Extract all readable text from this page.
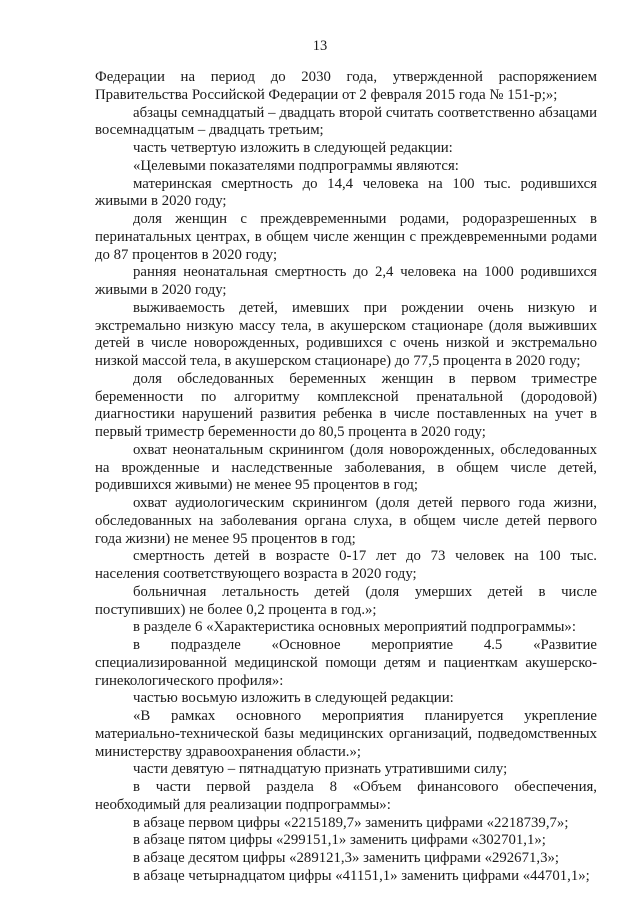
13

Федерации на период до 2030 года, утвержденной распоряжением Правительства Российской Федерации от 2 февраля 2015 года № 151-р;»;

абзацы семнадцатый – двадцать второй считать соответственно абзацами восемнадцатым – двадцать третьим;

часть четвертую изложить в следующей редакции:

«Целевыми показателями подпрограммы являются:

материнская смертность до 14,4 человека на 100 тыс. родившихся живыми в 2020 году;

доля женщин с преждевременными родами, родоразрешенных в перинатальных центрах, в общем числе женщин с преждевременными родами до 87 процентов в 2020 году;

ранняя неонатальная смертность до 2,4 человека на 1000 родившихся живыми в 2020 году;

выживаемость детей, имевших при рождении очень низкую и экстремально низкую массу тела, в акушерском стационаре (доля выживших детей в числе новорожденных, родившихся с очень низкой и экстремально низкой массой тела, в акушерском стационаре) до 77,5 процента в 2020 году;

доля обследованных беременных женщин в первом триместре беременности по алгоритму комплексной пренатальной (дородовой) диагностики нарушений развития ребенка в числе поставленных на учет в первый триместр беременности до 80,5 процента в 2020 году;

охват неонатальным скринингом (доля новорожденных, обследованных на врожденные и наследственные заболевания, в общем числе детей, родившихся живыми) не менее 95 процентов в год;

охват аудиологическим скринингом (доля детей первого года жизни, обследованных на заболевания органа слуха, в общем числе детей первого года жизни) не менее 95 процентов в год;

смертность детей в возрасте 0-17 лет до 73 человек на 100 тыс. населения соответствующего возраста в 2020 году;

больничная летальность детей (доля умерших детей в числе поступивших) не более 0,2 процента в год.»;

в разделе 6 «Характеристика основных мероприятий подпрограммы»:

в подразделе «Основное мероприятие 4.5 «Развитие специализированной медицинской помощи детям и пациенткам акушерско-гинекологического профиля»:

частью восьмую изложить в следующей редакции:

«В рамках основного мероприятия планируется укрепление материально-технической базы медицинских организаций, подведомственных министерству здравоохранения области.»;

части девятую – пятнадцатую признать утратившими силу;

в части первой раздела 8 «Объем финансового обеспечения, необходимый для реализации подпрограммы»:

в абзаце первом цифры «2215189,7» заменить цифрами «2218739,7»;

в абзаце пятом цифры «299151,1» заменить цифрами «302701,1»;

в абзаце десятом цифры «289121,3» заменить цифрами «292671,3»;

в абзаце четырнадцатом цифры «41151,1» заменить цифрами «44701,1»;
